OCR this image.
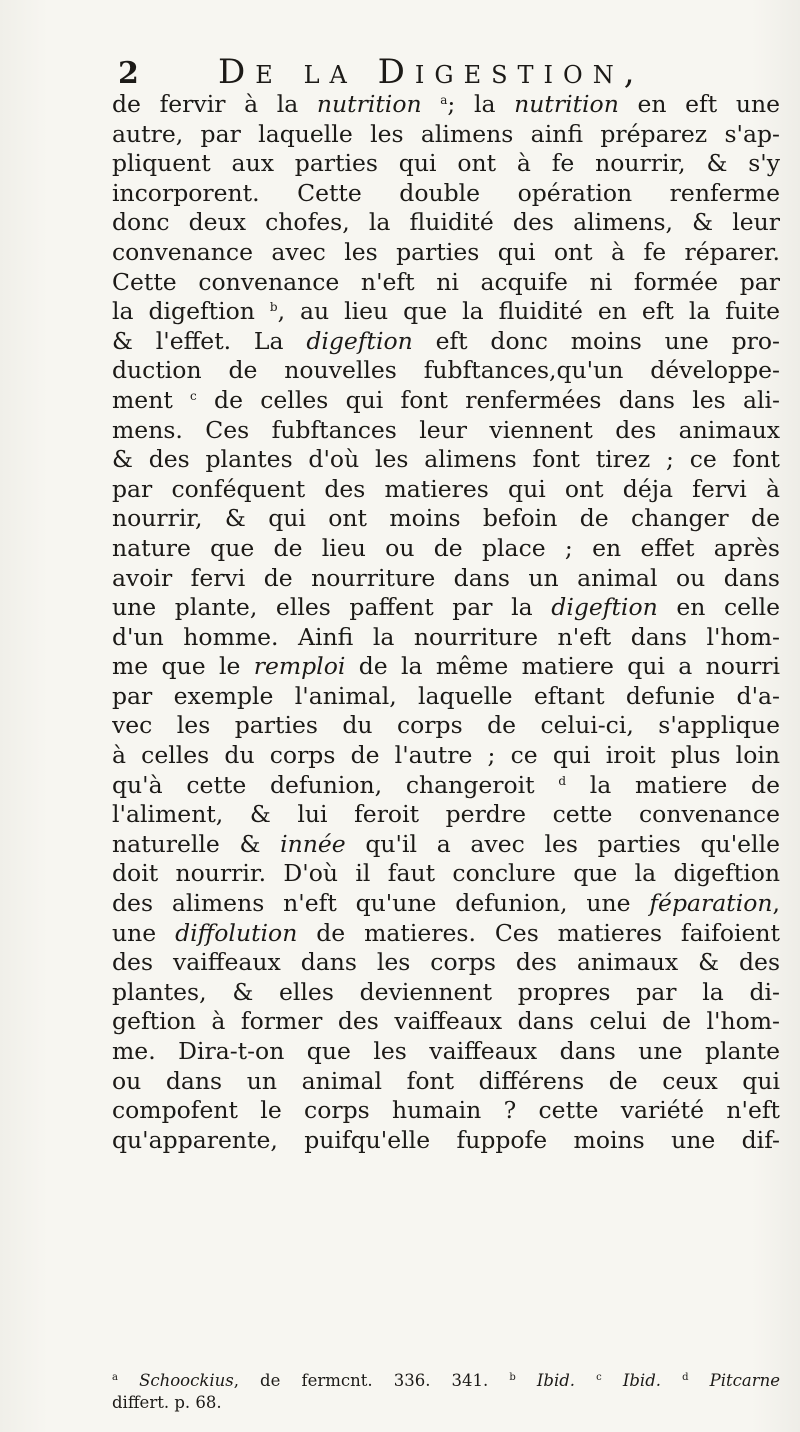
2 De la Digestion,
de fervir à la nutrition $^a$; la nutrition en eft une
autre, par laquelle les alimens ainfi préparez s'ap-
pliquent aux parties qui ont à fe nourrir, & s'y
incorporent. Cette double opération renferme
donc deux chofes, la fluidité des alimens, & leur
convenance avec les parties qui ont à fe réparer.
Cette convenance n'eft ni acquife ni formée par
la digeftion $^b$, au lieu que la fluidité en eft la fuite
& l'effet. La digeftion eft donc moins une pro-
duction de nouvelles fubftances,qu'un développe-
ment $^c$ de celles qui font renfermées dans les ali-
mens. Ces fubftances leur viennent des animaux
& des plantes d'où les alimens font tirez ; ce font
par conféquent des matieres qui ont déja fervi à
nourrir, & qui ont moins befoin de changer de
nature que de lieu ou de place ; en effet après
avoir fervi de nourriture dans un animal ou dans
une plante, elles paffent par la digeftion en celle
d'un homme. Ainfi la nourriture n'eft dans l'hom-
me que le remploi de la même matiere qui a nourri
par exemple l'animal, laquelle eftant defunie d'a-
vec les parties du corps de celui-ci, s'applique
à celles du corps de l'autre ; ce qui iroit plus loin
qu'à cette defunion, changeroit $^d$ la matiere de
l'aliment, & lui feroit perdre cette convenance
naturelle & innée qu'il a avec les parties qu'elle
doit nourrir. D'où il faut conclure que la digeftion
des alimens n'eft qu'une defunion, une féparation,
une diffolution de matieres. Ces matieres faifoient
des vaiffeaux dans les corps des animaux & des
plantes, & elles deviennent propres par la di-
geftion à former des vaiffeaux dans celui de l'hom-
me. Dira-t-on que les vaiffeaux dans une plante
ou dans un animal font différens de ceux qui
compofent le corps humain ? cette variété n'eft
qu'apparente, puifqu'elle fuppofe moins une dif-
$^a$ Schoockius, de fermcnt. 336. 341. $^b$ Ibid. $^c$ Ibid. $^d$ Pitcarne
differt. p. 68.
